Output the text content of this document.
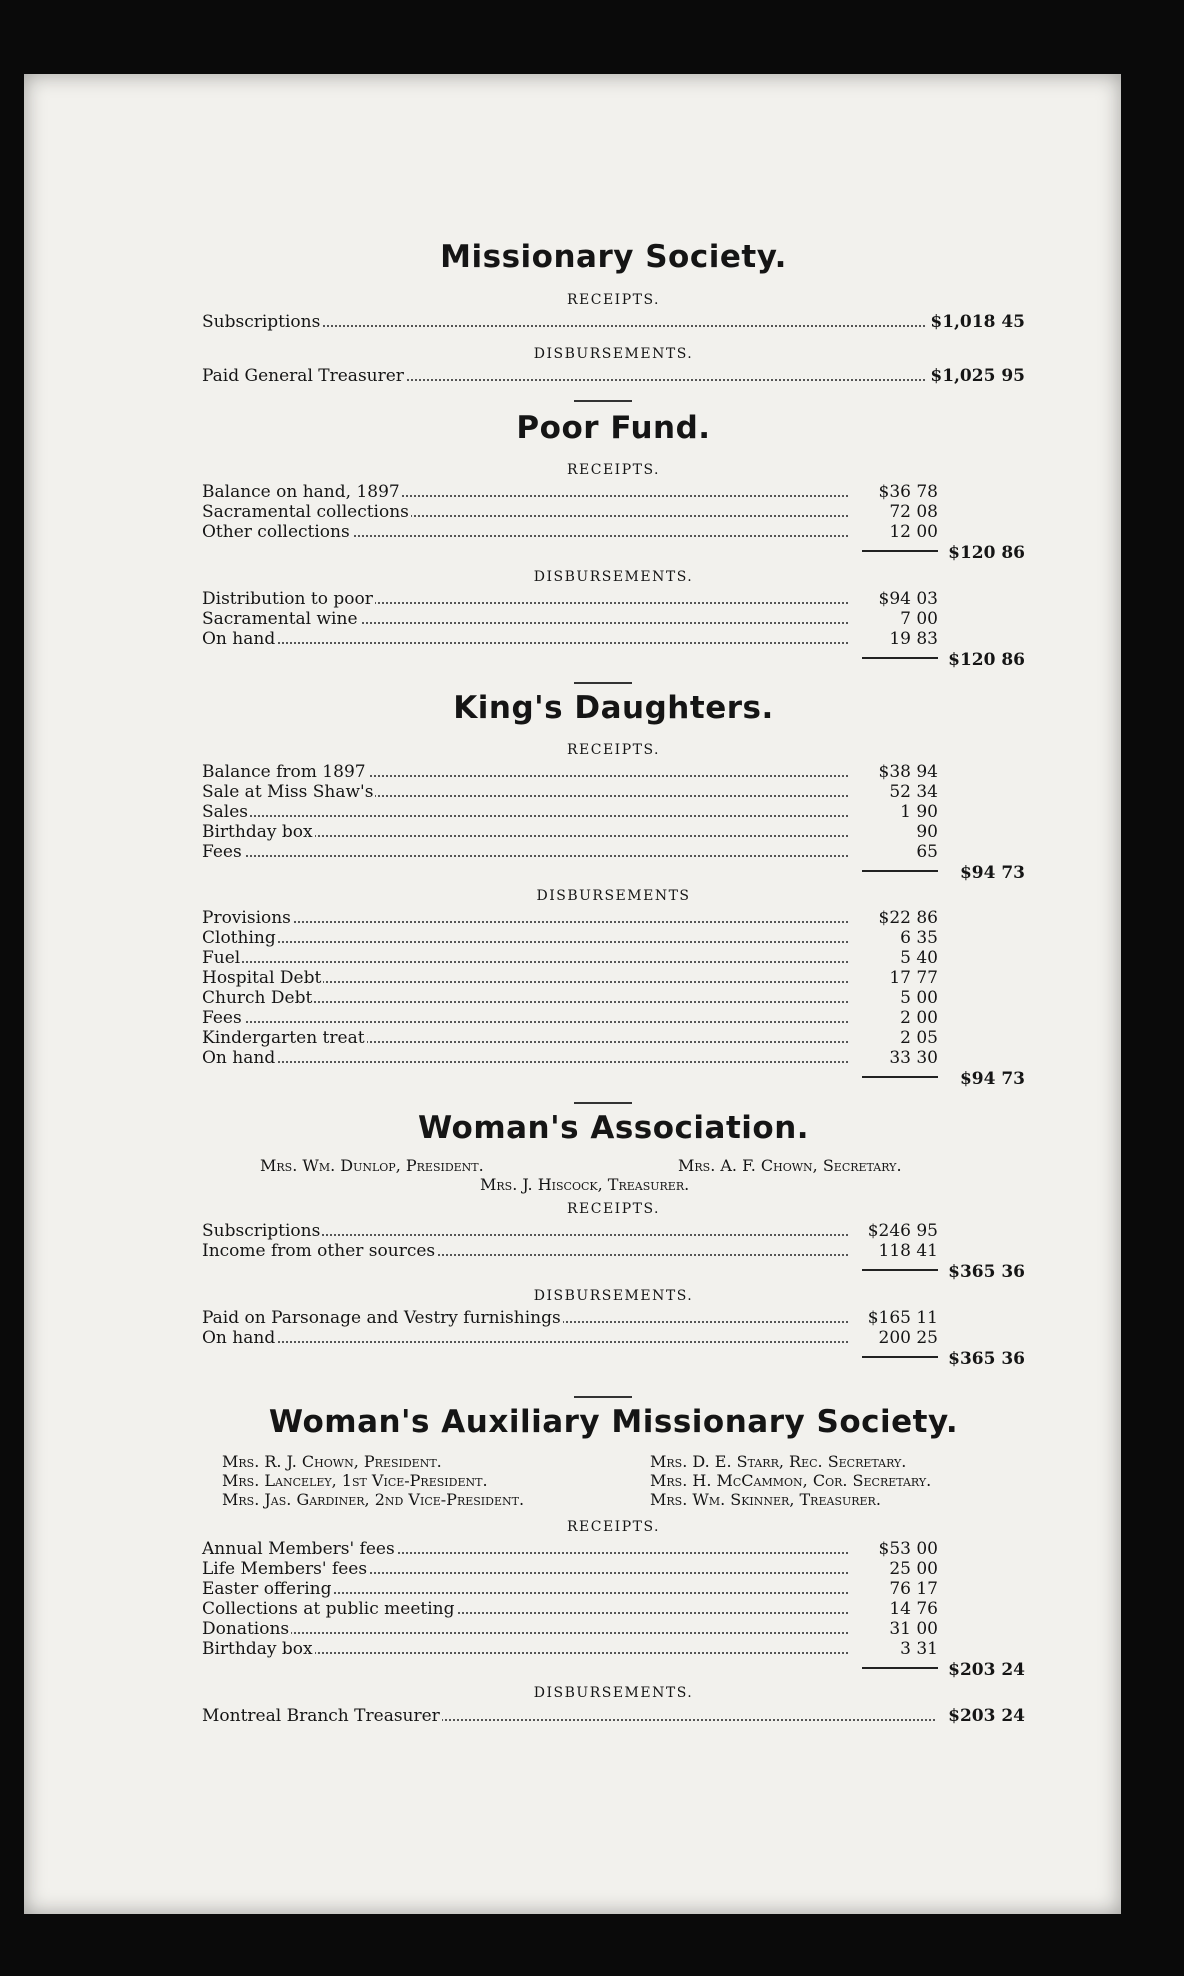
Missionary Society.
RECEIPTS.
Subscriptions	$1,018 45
DISBURSEMENTS.
Paid General Treasurer	$1,025 95
Poor Fund.
RECEIPTS.
Balance on hand, 1897	$36 78
Sacramental collections	72 08
Other collections	12 00
$120 86
DISBURSEMENTS.
Distribution to poor	$94 03
Sacramental wine	7 00
On hand	19 83
$120 86
King's Daughters.
RECEIPTS.
Balance from 1897	$38 94
Sale at Miss Shaw's	52 34
Sales	1 90
Birthday box	90
Fees	65
$94 73
DISBURSEMENTS
Provisions	$22 86
Clothing	6 35
Fuel	5 40
Hospital Debt	17 77
Church Debt	5 00
Fees	2 00
Kindergarten treat	2 05
On hand	33 30
$94 73
Woman's Association.
Mrs. Wm. Dunlop, President.	Mrs. A. F. Chown, Secretary.
Mrs. J. Hiscock, Treasurer.
RECEIPTS.
Subscriptions	$246 95
Income from other sources	118 41
$365 36
DISBURSEMENTS.
Paid on Parsonage and Vestry furnishings	$165 11
On hand	200 25
$365 36
Woman's Auxiliary Missionary Society.
Mrs. R. J. Chown, President.
Mrs. Lanceley, 1st Vice-President.
Mrs. Jas. Gardiner, 2nd Vice-President.
Mrs. D. E. Starr, Rec. Secretary.
Mrs. H. McCammon, Cor. Secretary.
Mrs. Wm. Skinner, Treasurer.
RECEIPTS.
Annual Members' fees	$53 00
Life Members' fees	25 00
Easter offering	76 17
Collections at public meeting	14 76
Donations	31 00
Birthday box	3 31
$203 24
DISBURSEMENTS.
Montreal Branch Treasurer	$203 24
